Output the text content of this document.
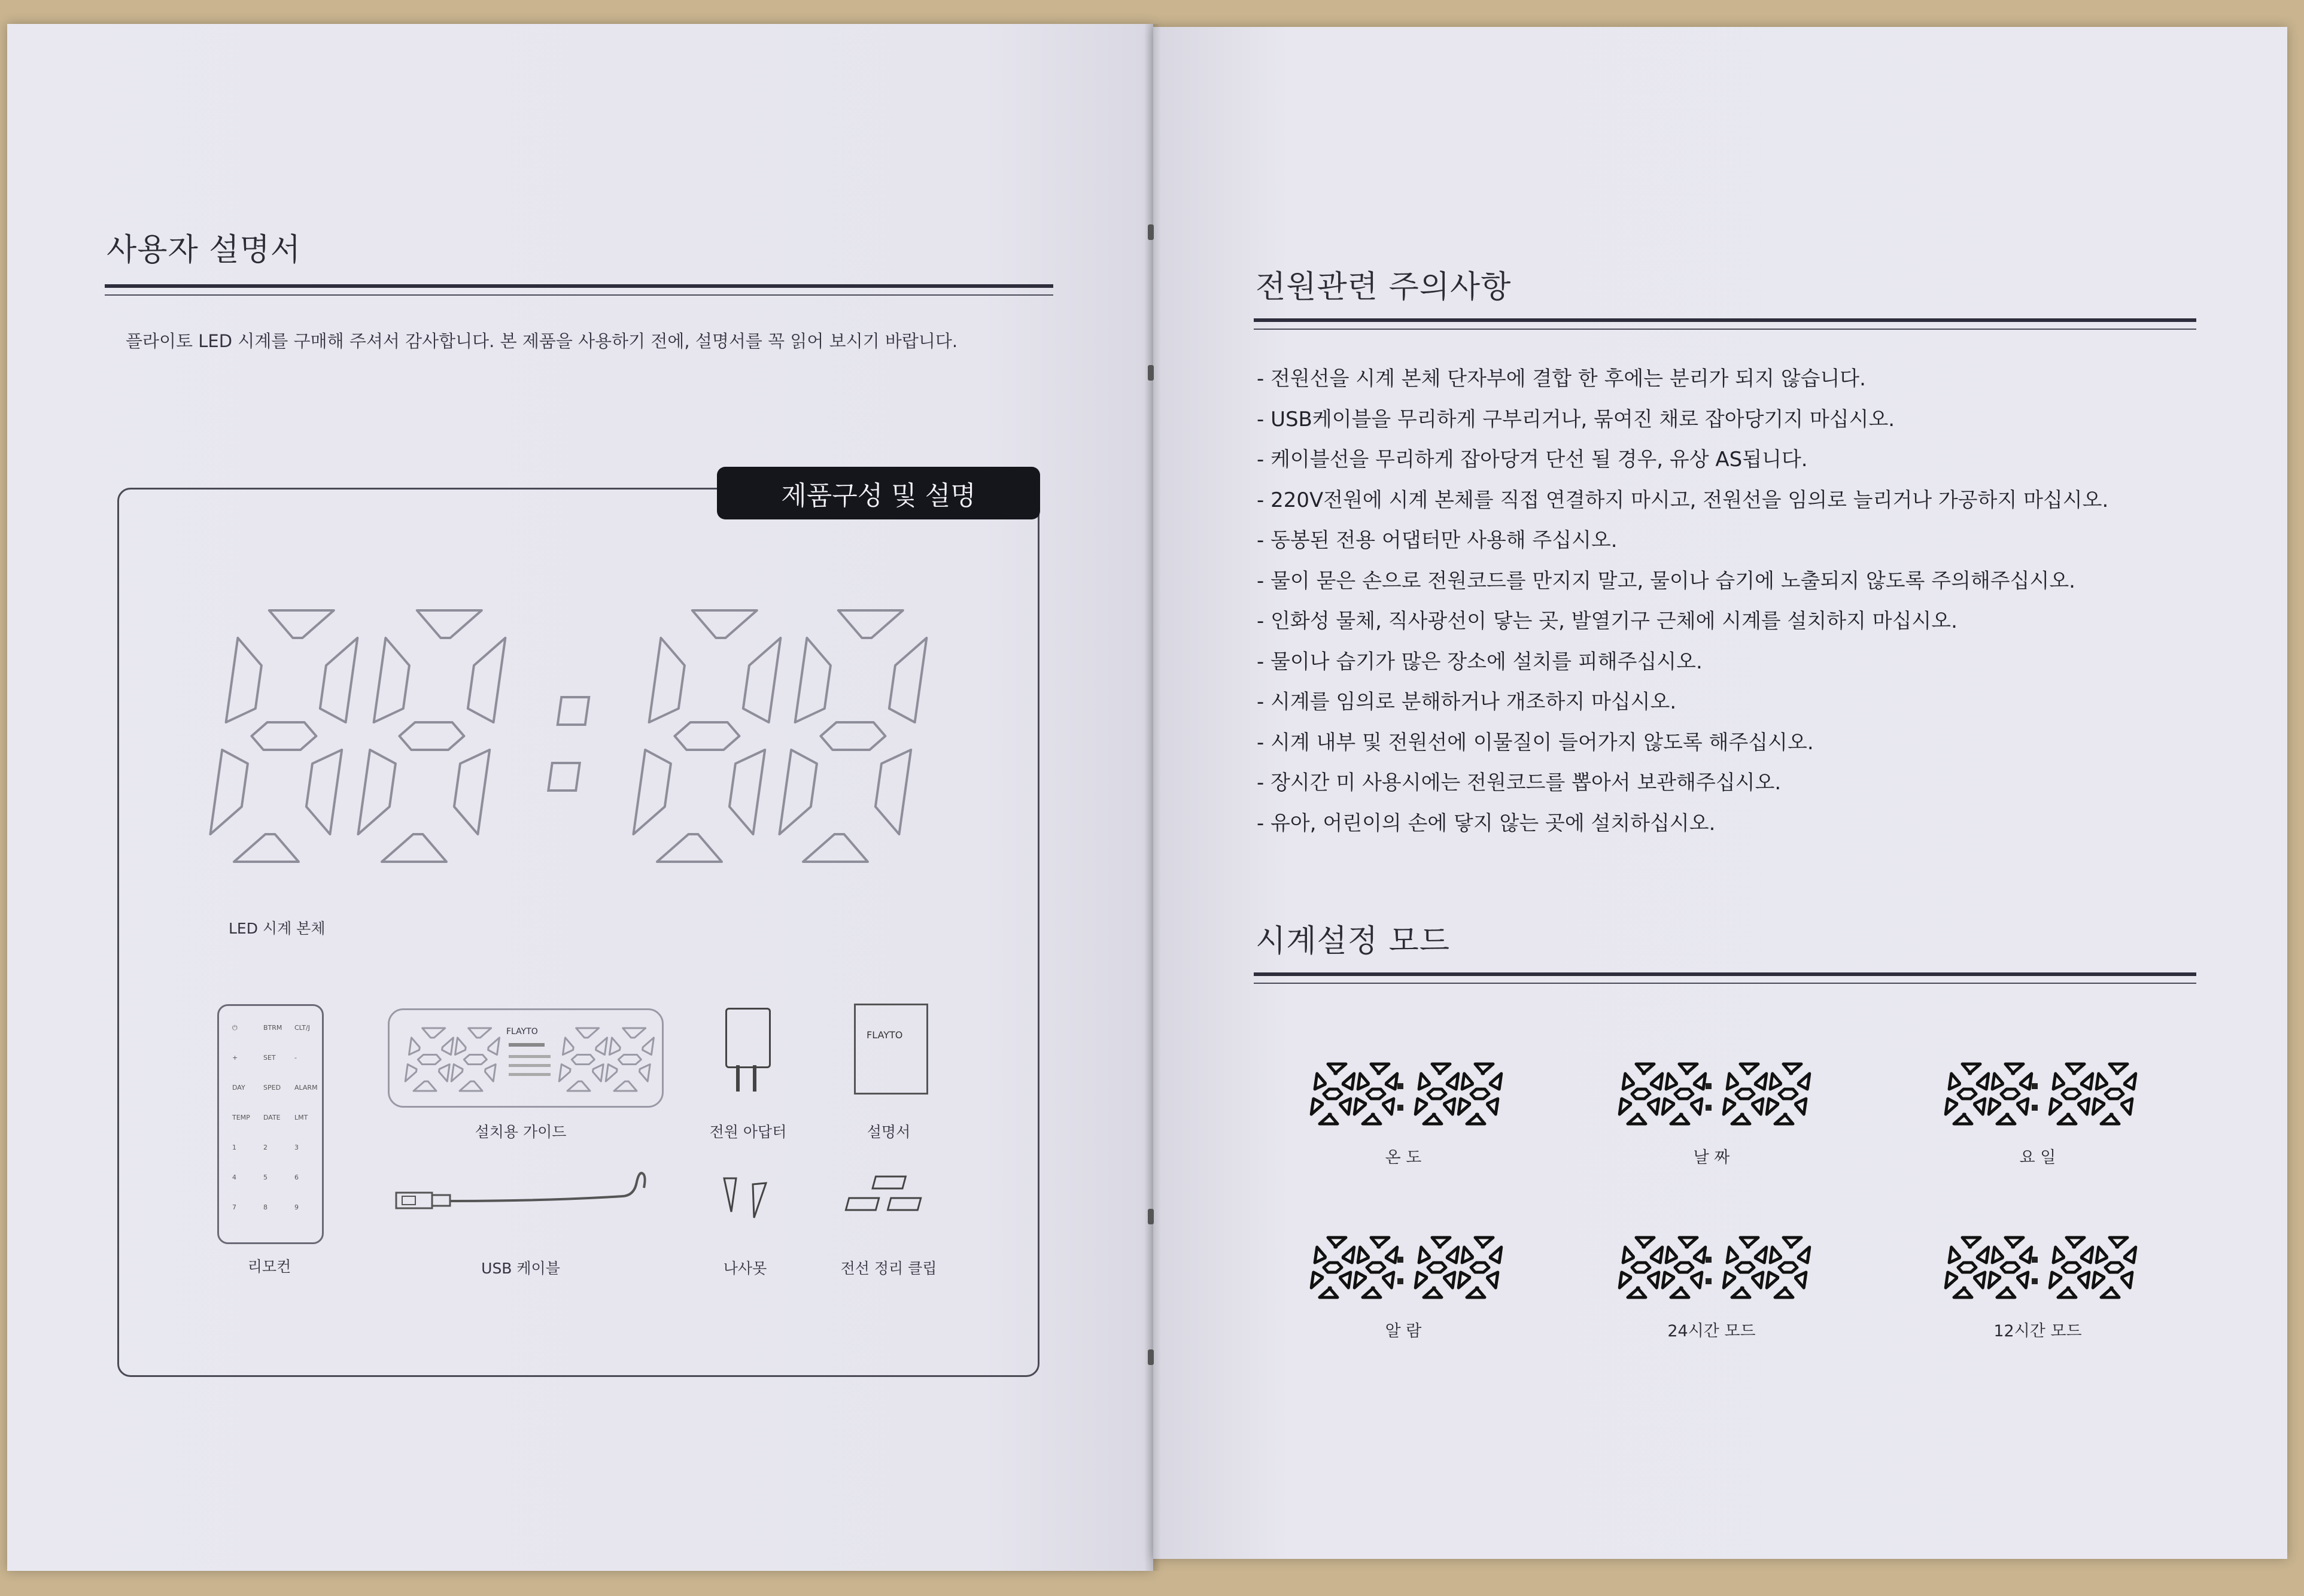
사용자 설명서
플라이토 LED 시계를 구매해 주셔서 감사합니다. 본 제품을 사용하기 전에, 설명서를 꼭 읽어 보시기 바랍니다.
제품구성 및 설명
LED 시계 본체
⏻	BTRM CLT/J
+	SET	-
DAY	SPED ALARM
TEMP DATE LMT
1	2	3
4	5	6
7	8	9
리모컨
FLAYTO
설치용 가이드	전원 아답터
FLAYTO
설명서
USB 케이블	나사못	전선 정리 클립
전원관련 주의사항
- 전원선을 시계 본체 단자부에 결합 한 후에는 분리가 되지 않습니다.
- USB케이블을 무리하게 구부리거나, 묶여진 채로 잡아당기지 마십시오.
- 케이블선을 무리하게 잡아당겨 단선 될 경우, 유상 AS됩니다.
- 220V전원에 시계 본체를 직접 연결하지 마시고, 전원선을 임의로 늘리거나 가공하지 마십시오.
- 동봉된 전용 어댑터만 사용해 주십시오.
- 물이 묻은 손으로 전원코드를 만지지 말고, 물이나 습기에 노출되지 않도록 주의해주십시오.
- 인화성 물체, 직사광선이 닿는 곳, 발열기구 근체에 시계를 설치하지 마십시오.
- 물이나 습기가 많은 장소에 설치를 피해주십시오.
- 시계를 임의로 분해하거나 개조하지 마십시오.
- 시계 내부 및 전원선에 이물질이 들어가지 않도록 해주십시오.
- 장시간 미 사용시에는 전원코드를 뽑아서 보관해주십시오.
- 유아, 어린이의 손에 닿지 않는 곳에 설치하십시오.
시계설정 모드
온 도	날 짜	요 일
알 람	24시간 모드	12시간 모드
